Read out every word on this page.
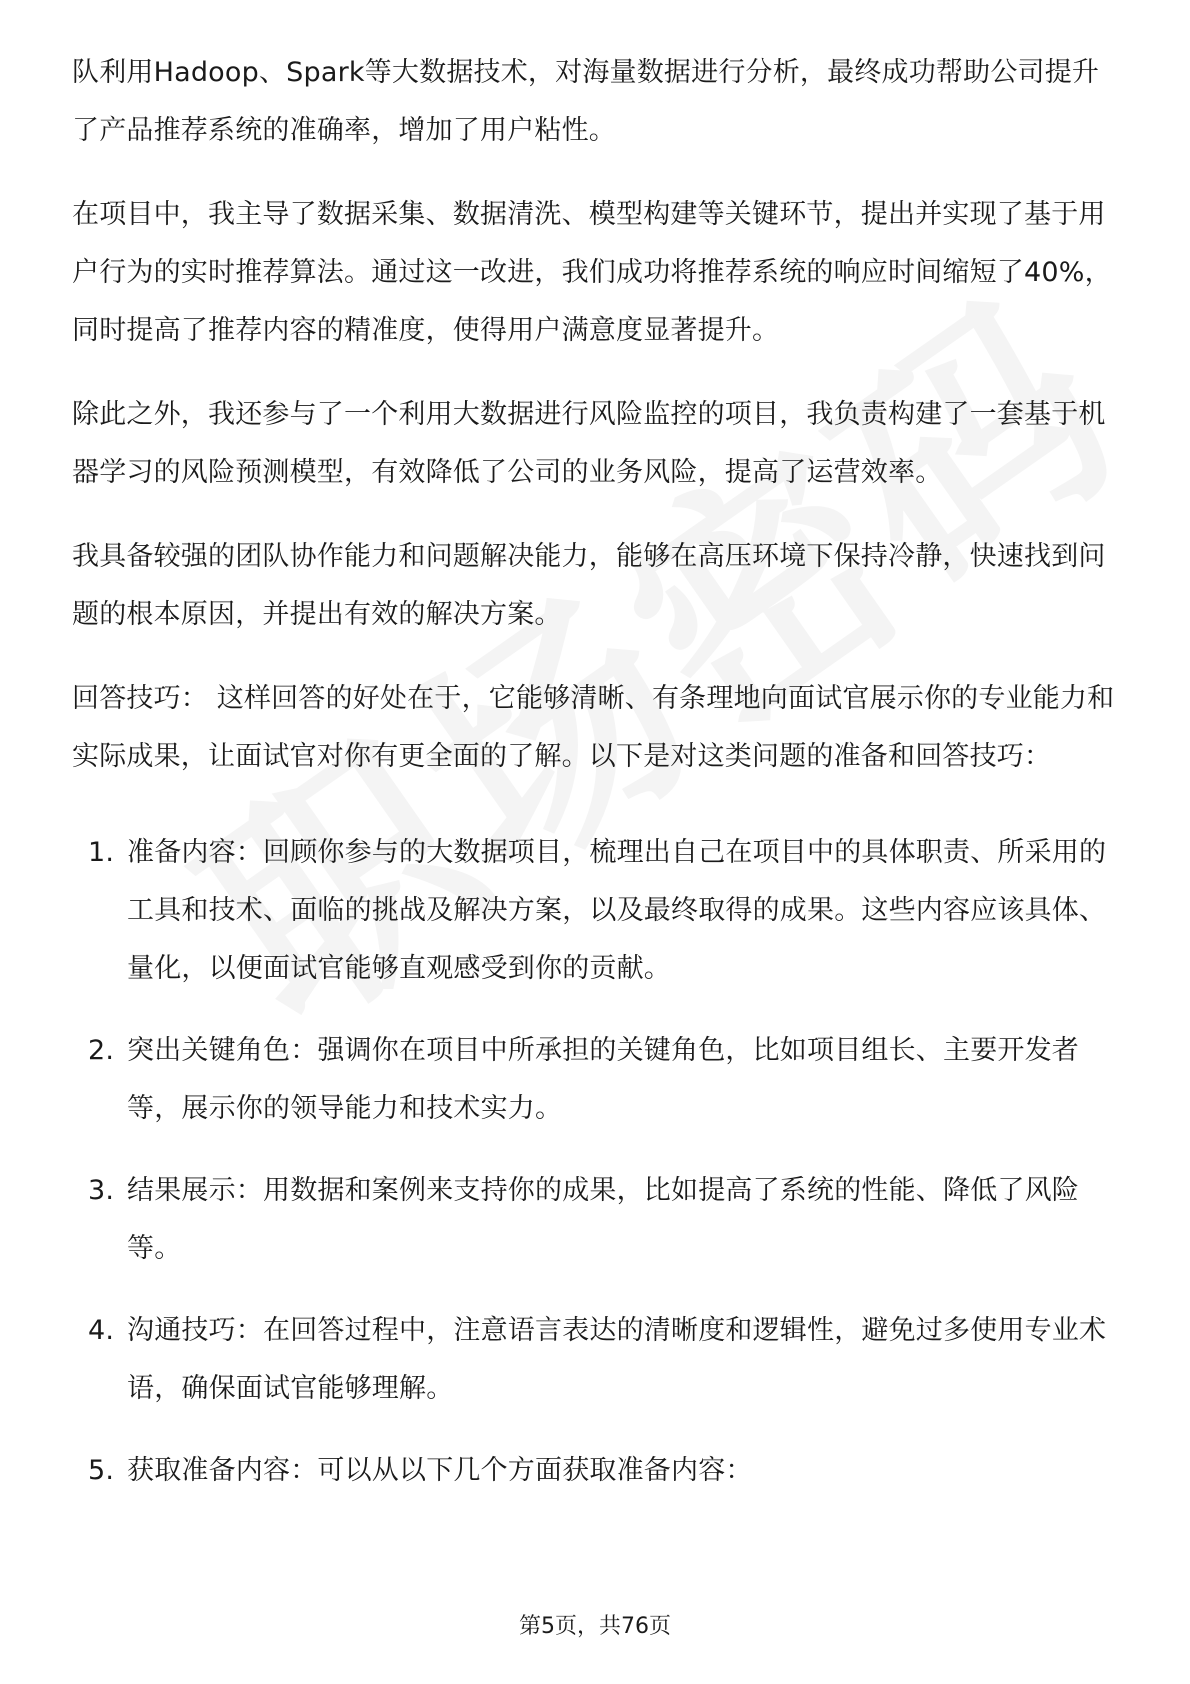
队利用Hadoop、Spark等大数据技术，对海量数据进行分析，最终成功帮助公司提升了产品推荐系统的准确率，增加了用户粘性。

在项目中，我主导了数据采集、数据清洗、模型构建等关键环节，提出并实现了基于用户行为的实时推荐算法。通过这一改进，我们成功将推荐系统的响应时间缩短了40%，同时提高了推荐内容的精准度，使得用户满意度显著提升。

除此之外，我还参与了一个利用大数据进行风险监控的项目，我负责构建了一套基于机器学习的风险预测模型，有效降低了公司的业务风险，提高了运营效率。

我具备较强的团队协作能力和问题解决能力，能够在高压环境下保持冷静，快速找到问题的根本原因，并提出有效的解决方案。

回答技巧： 这样回答的好处在于，它能够清晰、有条理地向面试官展示你的专业能力和实际成果，让面试官对你有更全面的了解。以下是对这类问题的准备和回答技巧：

1. 准备内容：回顾你参与的大数据项目，梳理出自己在项目中的具体职责、所采用的工具和技术、面临的挑战及解决方案，以及最终取得的成果。这些内容应该具体、量化，以便面试官能够直观感受到你的贡献。
2. 突出关键角色：强调你在项目中所承担的关键角色，比如项目组长、主要开发者等，展示你的领导能力和技术实力。
3. 结果展示：用数据和案例来支持你的成果，比如提高了系统的性能、降低了风险等。
4. 沟通技巧：在回答过程中，注意语言表达的清晰度和逻辑性，避免过多使用专业术语，确保面试官能够理解。
5. 获取准备内容：可以从以下几个方面获取准备内容：
第5页，共76页
